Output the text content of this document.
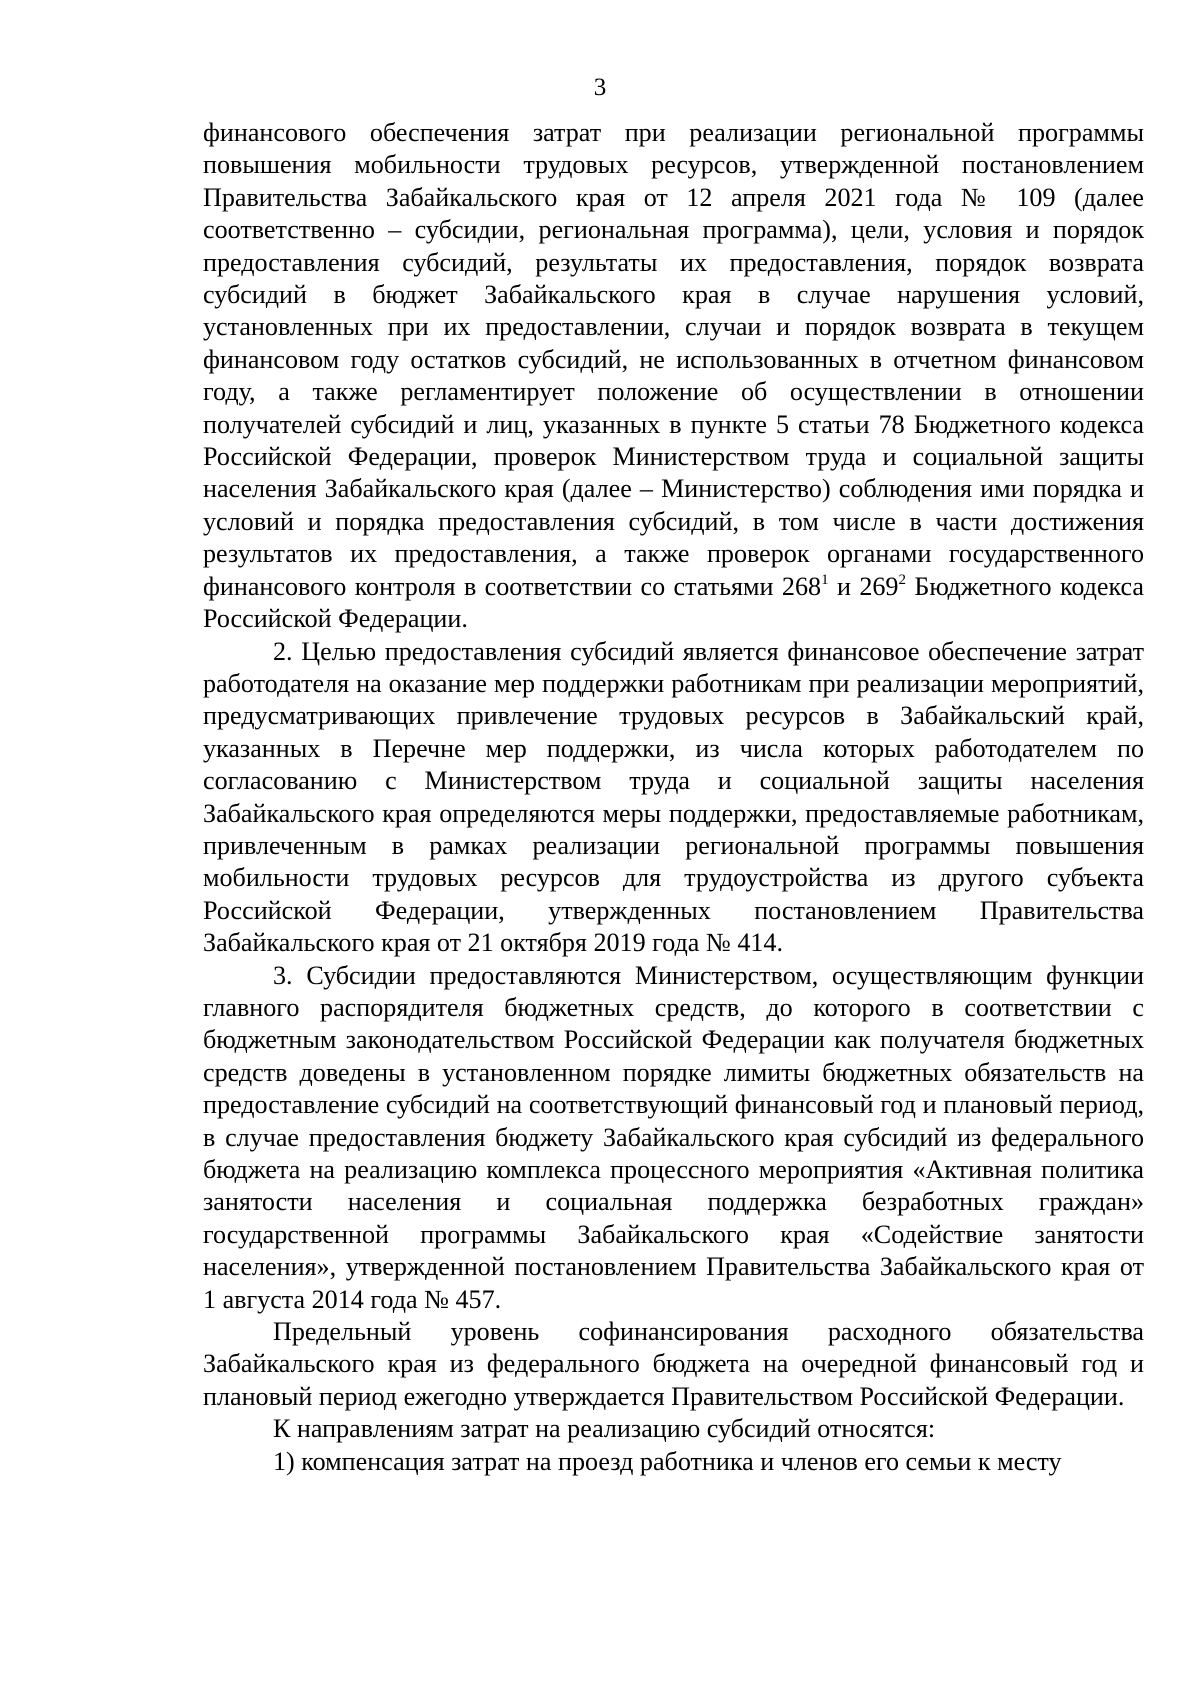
3

финансового обеспечения затрат при реализации региональной программы повышения мобильности трудовых ресурсов, утвержденной постановлением Правительства Забайкальского края от 12 апреля 2021 года № 109 (далее соответственно – субсидии, региональная программа), цели, условия и порядок предоставления субсидий, результаты их предоставления, порядок возврата субсидий в бюджет Забайкальского края в случае нарушения условий, установленных при их предоставлении, случаи и порядок возврата в текущем финансовом году остатков субсидий, не использованных в отчетном финансовом году, а также регламентирует положение об осуществлении в отношении получателей субсидий и лиц, указанных в пункте 5 статьи 78 Бюджетного кодекса Российской Федерации, проверок Министерством труда и социальной защиты населения Забайкальского края (далее – Министерство) соблюдения ими порядка и условий и порядка предоставления субсидий, в том числе в части достижения результатов их предоставления, а также проверок органами государственного финансового контроля в соответствии со статьями $268^1$ и $269^2$ Бюджетного кодекса Российской Федерации.

2. Целью предоставления субсидий является финансовое обеспечение затрат работодателя на оказание мер поддержки работникам при реализации мероприятий, предусматривающих привлечение трудовых ресурсов в Забайкальский край, указанных в Перечне мер поддержки, из числа которых работодателем по согласованию с Министерством труда и социальной защиты населения Забайкальского края определяются меры поддержки, предоставляемые работникам, привлеченным в рамках реализации региональной программы повышения мобильности трудовых ресурсов для трудоустройства из другого субъекта Российской Федерации, утвержденных постановлением Правительства Забайкальского края от 21 октября 2019 года № 414.

3. Субсидии предоставляются Министерством, осуществляющим функции главного распорядителя бюджетных средств, до которого в соответствии с бюджетным законодательством Российской Федерации как получателя бюджетных средств доведены в установленном порядке лимиты бюджетных обязательств на предоставление субсидий на соответствующий финансовый год и плановый период, в случае предоставления бюджету Забайкальского края субсидий из федерального бюджета на реализацию комплекса процессного мероприятия «Активная политика занятости населения и социальная поддержка безработных граждан» государственной программы Забайкальского края «Содействие занятости населения», утвержденной постановлением Правительства Забайкальского края от 1 августа 2014 года № 457.

Предельный уровень софинансирования расходного обязательства Забайкальского края из федерального бюджета на очередной финансовый год и плановый период ежегодно утверждается Правительством Российской Федерации.

К направлениям затрат на реализацию субсидий относятся:

1) компенсация затрат на проезд работника и членов его семьи к месту
